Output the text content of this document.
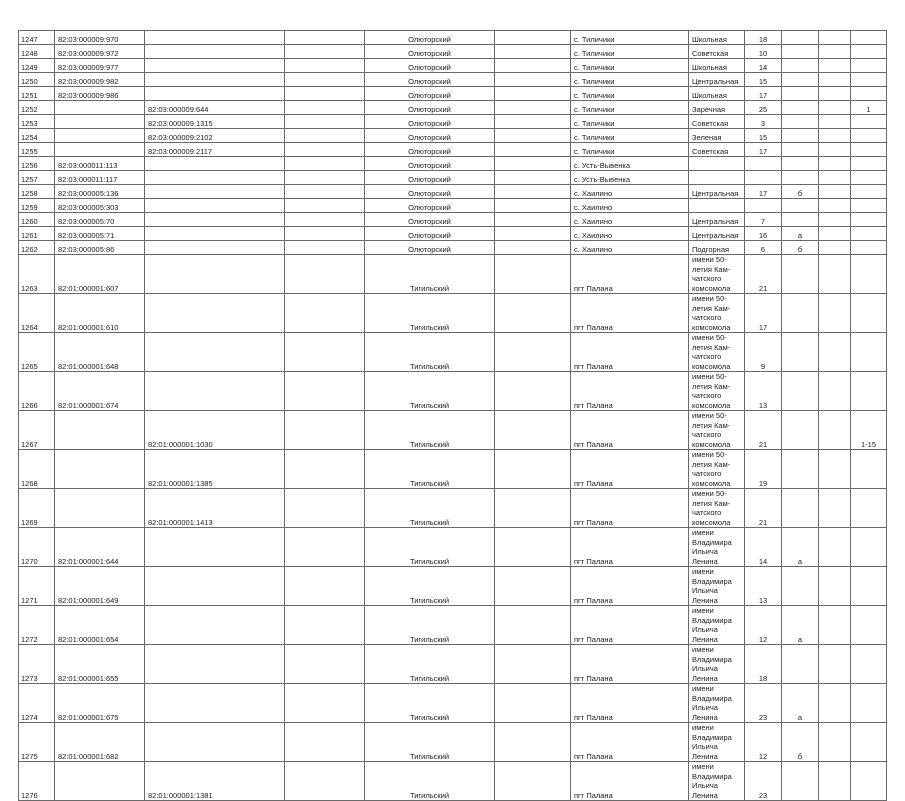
1247	82:03:000009:970			Олюторский		с. Тиличики	Школьная	18			
1248	82:03:000009:972			Олюторский		с. Тиличики	Советская	10			
1249	82:03:000009:977			Олюторский		с. Тиличики	Школьная	14			
1250	82:03:000009:982			Олюторский		с. Тиличики	Центральная	15			
1251	82:03:000009:986			Олюторский		с. Тиличики	Школьная	17			
1252		82:03:000009:644		Олюторский		с. Тиличики	Заречная	25			1
1253		82:03:000009:1315		Олюторский		с. Тиличики	Советская	3			
1254		82:03:000009:2102		Олюторский		с. Тиличики	Зеленая	15			
1255		82:03:000009:2117		Олюторский		с. Тиличики	Советская	17			
1256	82:03:000011:113			Олюторский		с. Усть-Вывенка					
1257	82:03:000011:117			Олюторский		с. Усть-Вывенка					
1258	82:03:000005:136			Олюторский		с. Хаилино	Центральная	17	б		
1259	82:03:000005:303			Олюторский		с. Хаилино					
1260	82:03:000005:70			Олюторский		с. Хаилино	Центральная	7			
1261	82:03:000005:71			Олюторский		с. Хаилино	Центральная	16	а		
1262	82:03:000005:86			Олюторский		с. Хаилино	Подгорная	6	б		
1263	82:01:000001:607			Тигильский		пгт Палана	имени 50-летия Кам-чатского комсомола	21			
1264	82:01:000001:610			Тигильский		пгт Палана	имени 50-летия Кам-чатского комсомола	17			
1265	82:01:000001:648			Тигильский		пгт Палана	имени 50-летия Кам-чатского комсомола	9			
1266	82:01:000001:674			Тигильский		пгт Палана	имени 50-летия Кам-чатского комсомола	13			
1267		82:01:000001:1030		Тигильский		пгт Палана	имени 50-летия Кам-чатского комсомола	21			1-15
1268		82:01:000001:1385		Тигильский		пгт Палана	имени 50-летия Кам-чатского комсомола	19			
1269		82:01:000001:1413		Тигильский		пгт Палана	имени 50-летия Кам-чатского комсомола	21			
1270	82:01:000001:644			Тигильский		пгт Палана	имени Владимира Ильича Ленина	14	а		
1271	82:01:000001:649			Тигильский		пгт Палана	имени Владимира Ильича Ленина	13			
1272	82:01:000001:654			Тигильский		пгт Палана	имени Владимира Ильича Ленина	12	а		
1273	82:01:000001:655			Тигильский		пгт Палана	имени Владимира Ильича Ленина	18			
1274	82:01:000001:675			Тигильский		пгт Палана	имени Владимира Ильича Ленина	23	а		
1275	82:01:000001:682			Тигильский		пгт Палана	имени Владимира Ильича Ленина	12	б		
1276		82:01:000001:1381		Тигильский		пгт Палана	имени Владимира Ильича Ленина	23			
